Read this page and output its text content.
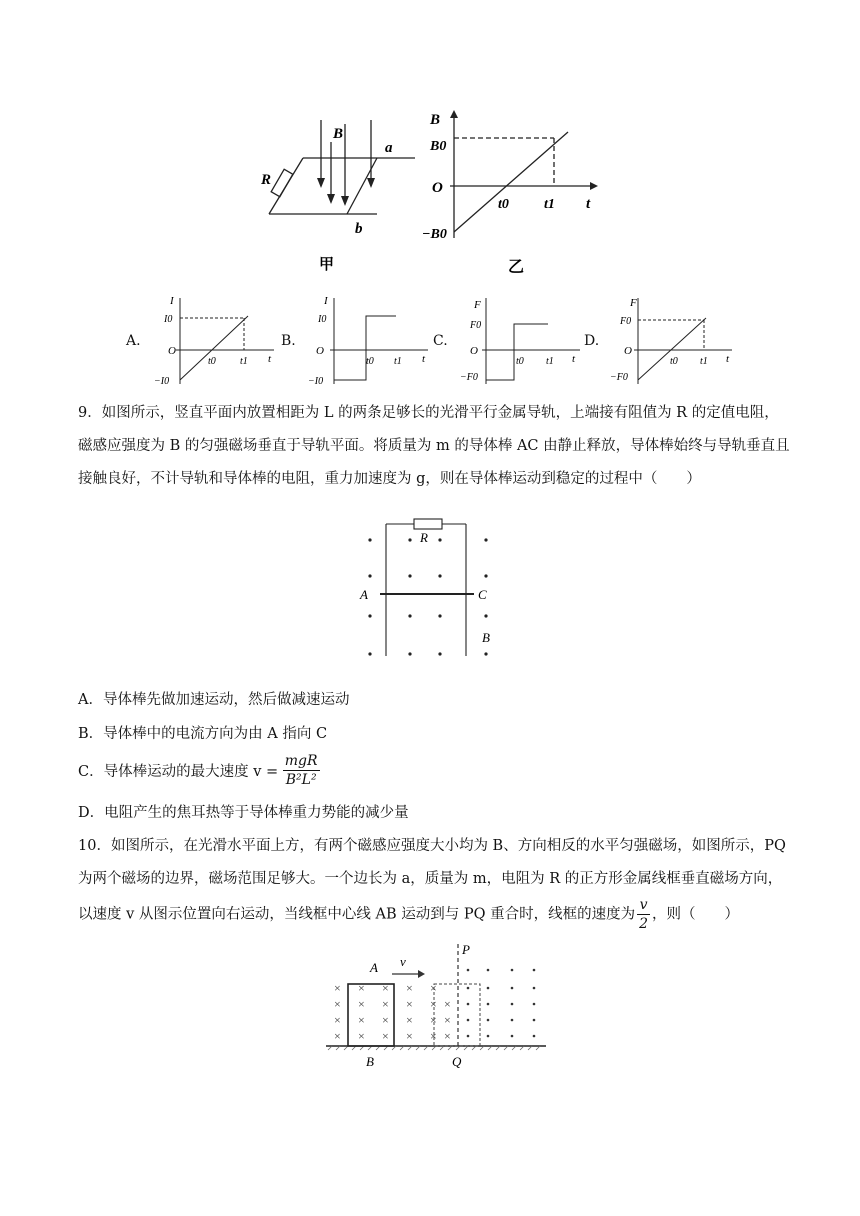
B
R
a
b
甲
B
B0
O
−B0
t0	t1 t
乙
A.
I
I0
O
−I0
t0 t1 t
B.
I
I0
O
−I0
t0 t1 t
C.
F
F0
O
−F0
t0 t1 t
D.
F
F0
O
−F0
t0 t1 t

9．如图所示，竖直平面内放置相距为 L 的两条足够长的光滑平行金属导轨，上端接有阻值为 R 的定值电阻，磁感应强度为 B 的匀强磁场垂直于导轨平面。将质量为 m 的导体棒 AC 由静止释放，导体棒始终与导轨垂直且接触良好，不计导轨和导体棒的电阻，重力加速度为 g，则在导体棒运动到稳定的过程中（　　）

R
A	C
B

A．导体棒先做加速运动，然后做减速运动

B．导体棒中的电流方向为由 A 指向 C

C．导体棒运动的最大速度 $v = \frac{\text{mgR}}{\text{B²L²}}$

D．电阻产生的焦耳热等于导体棒重力势能的减少量

10．如图所示，在光滑水平面上方，有两个磁感应强度大小均为 B、方向相反的水平匀强磁场，如图所示，PQ 为两个磁场的边界，磁场范围足够大。一个边长为 a，质量为 m，电阻为 R 的正方形金属线框垂直磁场方向，以速度 v 从图示位置向右运动，当线框中心线 AB 运动到与 PQ 重合时，线框的速度为 $\frac{v}{2}$ ，则（　　）
× × × × ×
× × × × × ×
× × × × × ×
× × × × × ×
A v
P
B	Q
